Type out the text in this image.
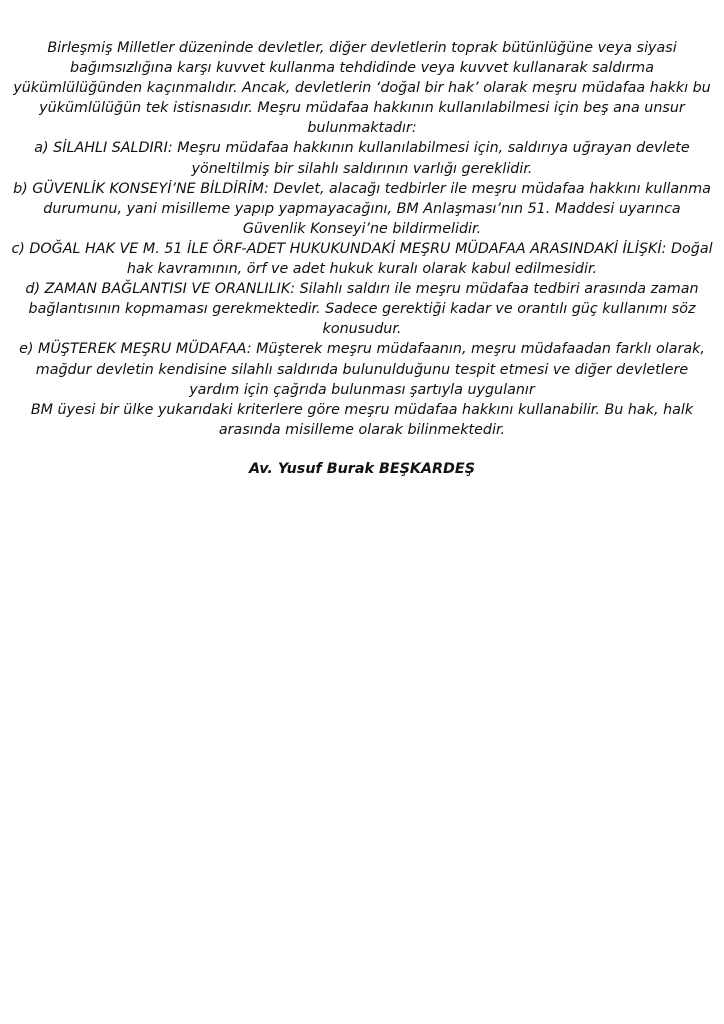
Birleşmiş Milletler düzeninde devletler, diğer devletlerin toprak bütünlüğüne veya siyasi bağımsızlığına karşı kuvvet kullanma tehdidinde veya kuvvet kullanarak saldırma yükümlülüğünden kaçınmalıdır. Ancak, devletlerin ‘doğal bir hak’ olarak meşru müdafaa hakkı bu yükümlülüğün tek istisnasıdır. Meşru müdafaa hakkının kullanılabilmesi için beş ana unsur bulunmaktadır:

a) SİLAHLI SALDIRI: Meşru müdafaa hakkının kullanılabilmesi için, saldırıya uğrayan devlete yöneltilmiş bir silahlı saldırının varlığı gereklidir.

b) GÜVENLİK KONSEYİ’NE BİLDİRİM: Devlet, alacağı tedbirler ile meşru müdafaa hakkını kullanma durumunu, yani misilleme yapıp yapmayacağını, BM Anlaşması’nın 51. Maddesi uyarınca Güvenlik Konseyi’ne bildirmelidir.

c) DOĞAL HAK VE M. 51 İLE ÖRF-ADET HUKUKUNDAKİ MEŞRU MÜDAFAA ARASINDAKİ İLİŞKİ: Doğal hak kavramının, örf ve adet hukuk kuralı olarak kabul edilmesidir.

d) ZAMAN BAĞLANTISI VE ORANLILIK: Silahlı saldırı ile meşru müdafaa tedbiri arasında zaman bağlantısının kopmaması gerekmektedir. Sadece gerektiği kadar ve orantılı güç kullanımı söz konusudur.

e) MÜŞTEREK MEŞRU MÜDAFAA: Müşterek meşru müdafaanın, meşru müdafaadan farklı olarak, mağdur devletin kendisine silahlı saldırıda bulunulduğunu tespit etmesi ve diğer devletlere yardım için çağrıda bulunması şartıyla uygulanır

BM üyesi bir ülke yukarıdaki kriterlere göre meşru müdafaa hakkını kullanabilir. Bu hak, halk arasında misilleme olarak bilinmektedir.

Av. Yusuf Burak BEŞKARDEŞ
